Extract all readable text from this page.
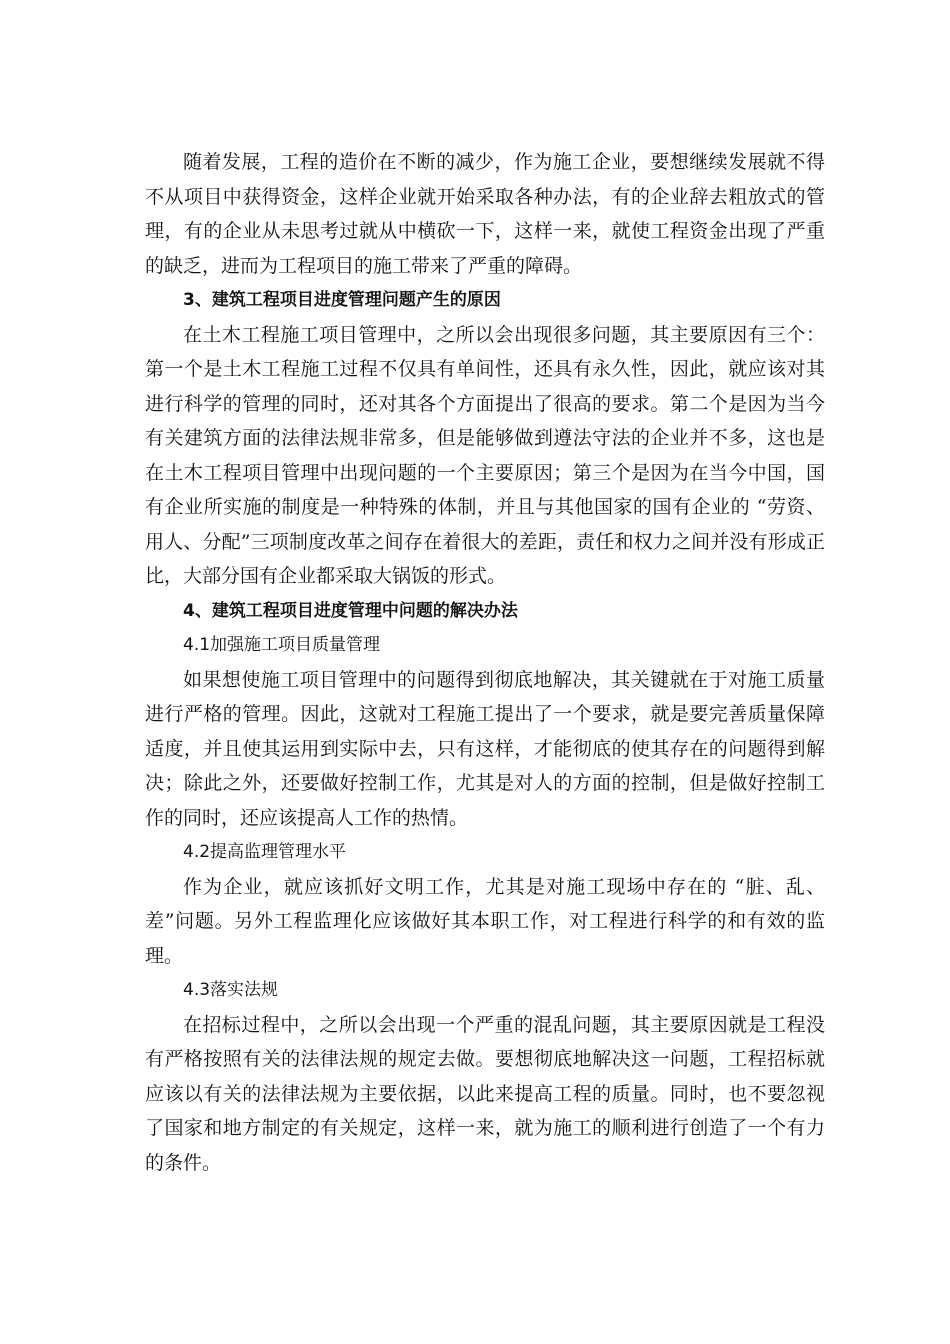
随着发展，工程的造价在不断的减少，作为施工企业，要想继续发展就不得不从项目中获得资金，这样企业就开始采取各种办法，有的企业辞去粗放式的管理，有的企业从未思考过就从中横砍一下，这样一来，就使工程资金出现了严重的缺乏，进而为工程项目的施工带来了严重的障碍。

3、建筑工程项目进度管理问题产生的原因

在土木工程施工项目管理中，之所以会出现很多问题，其主要原因有三个：第一个是土木工程施工过程不仅具有单间性，还具有永久性，因此，就应该对其进行科学的管理的同时，还对其各个方面提出了很高的要求。第二个是因为当今有关建筑方面的法律法规非常多，但是能够做到遵法守法的企业并不多，这也是在土木工程项目管理中出现问题的一个主要原因；第三个是因为在当今中国，国有企业所实施的制度是一种特殊的体制，并且与其他国家的国有企业的 “劳资、用人、分配”三项制度改革之间存在着很大的差距，责任和权力之间并没有形成正比，大部分国有企业都采取大锅饭的形式。

4、建筑工程项目进度管理中问题的解决办法

4.1加强施工项目质量管理

如果想使施工项目管理中的问题得到彻底地解决，其关键就在于对施工质量进行严格的管理。因此，这就对工程施工提出了一个要求，就是要完善质量保障适度，并且使其运用到实际中去，只有这样，才能彻底的使其存在的问题得到解决；除此之外，还要做好控制工作，尤其是对人的方面的控制，但是做好控制工作的同时，还应该提高人工作的热情。

4.2提高监理管理水平

作为企业，就应该抓好文明工作，尤其是对施工现场中存在的 “脏、乱、差”问题。另外工程监理化应该做好其本职工作，对工程进行科学的和有效的监理。

4.3落实法规

在招标过程中，之所以会出现一个严重的混乱问题，其主要原因就是工程没有严格按照有关的法律法规的规定去做。要想彻底地解决这一问题，工程招标就应该以有关的法律法规为主要依据，以此来提高工程的质量。同时，也不要忽视了国家和地方制定的有关规定，这样一来，就为施工的顺利进行创造了一个有力的条件。
